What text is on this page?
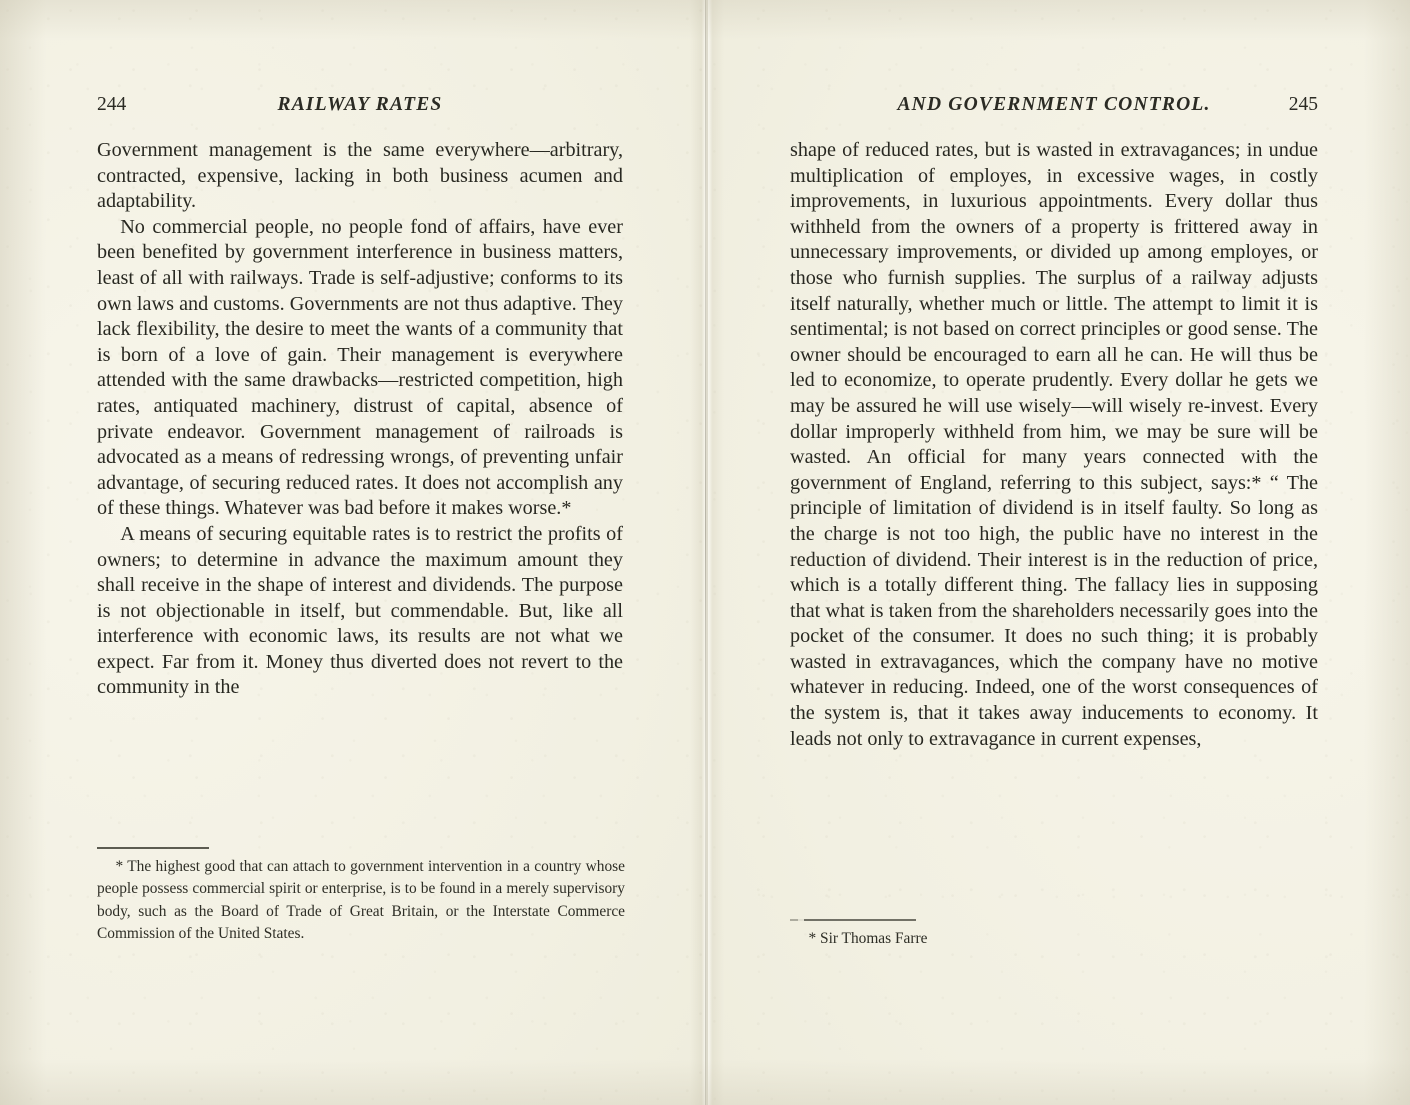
244	RAILWAY RATES

Government management is the same everywhere—arbitrary, contracted, expensive, lacking in both business acumen and adaptability.

No commercial people, no people fond of affairs, have ever been benefited by government interference in business matters, least of all with railways. Trade is self-adjustive; conforms to its own laws and customs. Governments are not thus adaptive. They lack flexibility, the desire to meet the wants of a community that is born of a love of gain. Their management is everywhere attended with the same drawbacks—restricted competition, high rates, antiquated machinery, distrust of capital, absence of private endeavor. Government management of railroads is advocated as a means of redressing wrongs, of preventing unfair advantage, of securing reduced rates. It does not accomplish any of these things. Whatever was bad before it makes worse.*

A means of securing equitable rates is to restrict the profits of owners; to determine in advance the maximum amount they shall receive in the shape of interest and dividends. The purpose is not objectionable in itself, but commendable. But, like all interference with economic laws, its results are not what we expect. Far from it. Money thus diverted does not revert to the community in the

* The highest good that can attach to government intervention in a country whose people possess commercial spirit or enterprise, is to be found in a merely supervisory body, such as the Board of Trade of Great Britain, or the Interstate Commerce Commission of the United States.

AND GOVERNMENT CONTROL.	245

shape of reduced rates, but is wasted in extravagances; in undue multiplication of employes, in excessive wages, in costly improvements, in luxurious appointments. Every dollar thus withheld from the owners of a property is frittered away in unnecessary improvements, or divided up among employes, or those who furnish supplies. The surplus of a railway adjusts itself naturally, whether much or little. The attempt to limit it is sentimental; is not based on correct principles or good sense. The owner should be encouraged to earn all he can. He will thus be led to economize, to operate prudently. Every dollar he gets we may be assured he will use wisely—will wisely re-invest. Every dollar improperly withheld from him, we may be sure will be wasted. An official for many years connected with the government of England, referring to this subject, says:* “ The principle of limitation of dividend is in itself faulty. So long as the charge is not too high, the public have no interest in the reduction of dividend. Their interest is in the reduction of price, which is a totally different thing. The fallacy lies in supposing that what is taken from the shareholders necessarily goes into the pocket of the consumer. It does no such thing; it is probably wasted in extravagances, which the company have no motive whatever in reducing. Indeed, one of the worst consequences of the system is, that it takes away inducements to economy. It leads not only to extravagance in current expenses,

* Sir Thomas Farre
